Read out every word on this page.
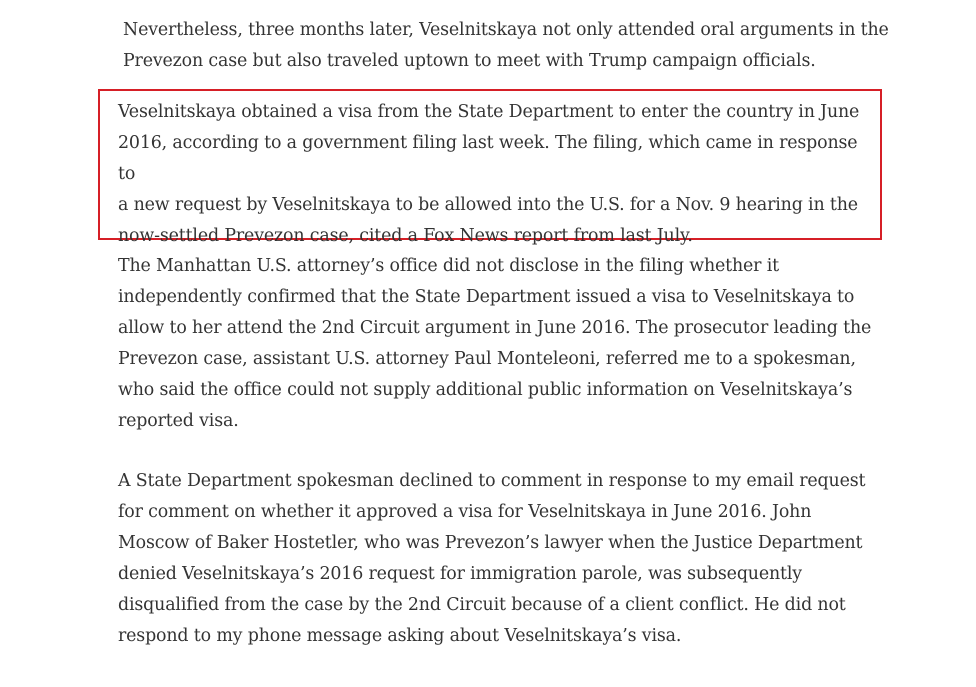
Nevertheless, three months later, Veselnitskaya not only attended oral arguments in the
Prevezon case but also traveled uptown to meet with Trump campaign officials.

Veselnitskaya obtained a visa from the State Department to enter the country in June
2016, according to a government filing last week. The filing, which came in response to
a new request by Veselnitskaya to be allowed into the U.S. for a Nov. 9 hearing in the
now-settled Prevezon case, cited a Fox News report from last July.

The Manhattan U.S. attorney’s office did not disclose in the filing whether it
independently confirmed that the State Department issued a visa to Veselnitskaya to
allow to her attend the 2nd Circuit argument in June 2016. The prosecutor leading the
Prevezon case, assistant U.S. attorney Paul Monteleoni, referred me to a spokesman,
who said the office could not supply additional public information on Veselnitskaya’s
reported visa.

A State Department spokesman declined to comment in response to my email request
for comment on whether it approved a visa for Veselnitskaya in June 2016. John
Moscow of Baker Hostetler, who was Prevezon’s lawyer when the Justice Department
denied Veselnitskaya’s 2016 request for immigration parole, was subsequently
disqualified from the case by the 2nd Circuit because of a client conflict. He did not
respond to my phone message asking about Veselnitskaya’s visa.
